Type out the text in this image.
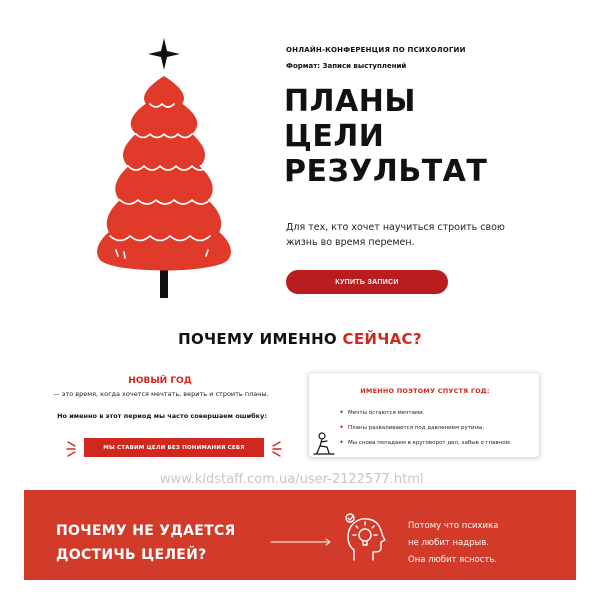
ОНЛАЙН-КОНФЕРЕНЦИЯ ПО ПСИХОЛОГИИ
Формат: Записи выступлений
ПЛАНЫ
ЦЕЛИ
РЕЗУЛЬТАТ
Для тех, кто хочет научиться строить свою жизнь во время перемен.
КУПИТЬ ЗАПИСИ
ПОЧЕМУ ИМЕННО СЕЙЧАС?
НОВЫЙ ГОД
— это время, когда хочется мечтать, верить и строить планы.
Но именно в этот период мы часто совершаем ошибку:
МЫ СТАВИМ ЦЕЛИ БЕЗ ПОНИМАНИЯ СЕБЯ
ИМЕННО ПОЭТОМУ СПУСТЯ ГОД:
✦ Мечты остаются мечтами.
✦ Планы разваливаются под давлением рутины.
✦ Мы снова попадаем в круговорот дел, забыв о главном.
www.kidstaff.com.ua/user-2122577.html
ПОЧЕМУ НЕ УДАЕТСЯ
ДОСТИЧЬ ЦЕЛЕЙ?
Потому что психика
не любит надрыв.
Она любит ясность.
